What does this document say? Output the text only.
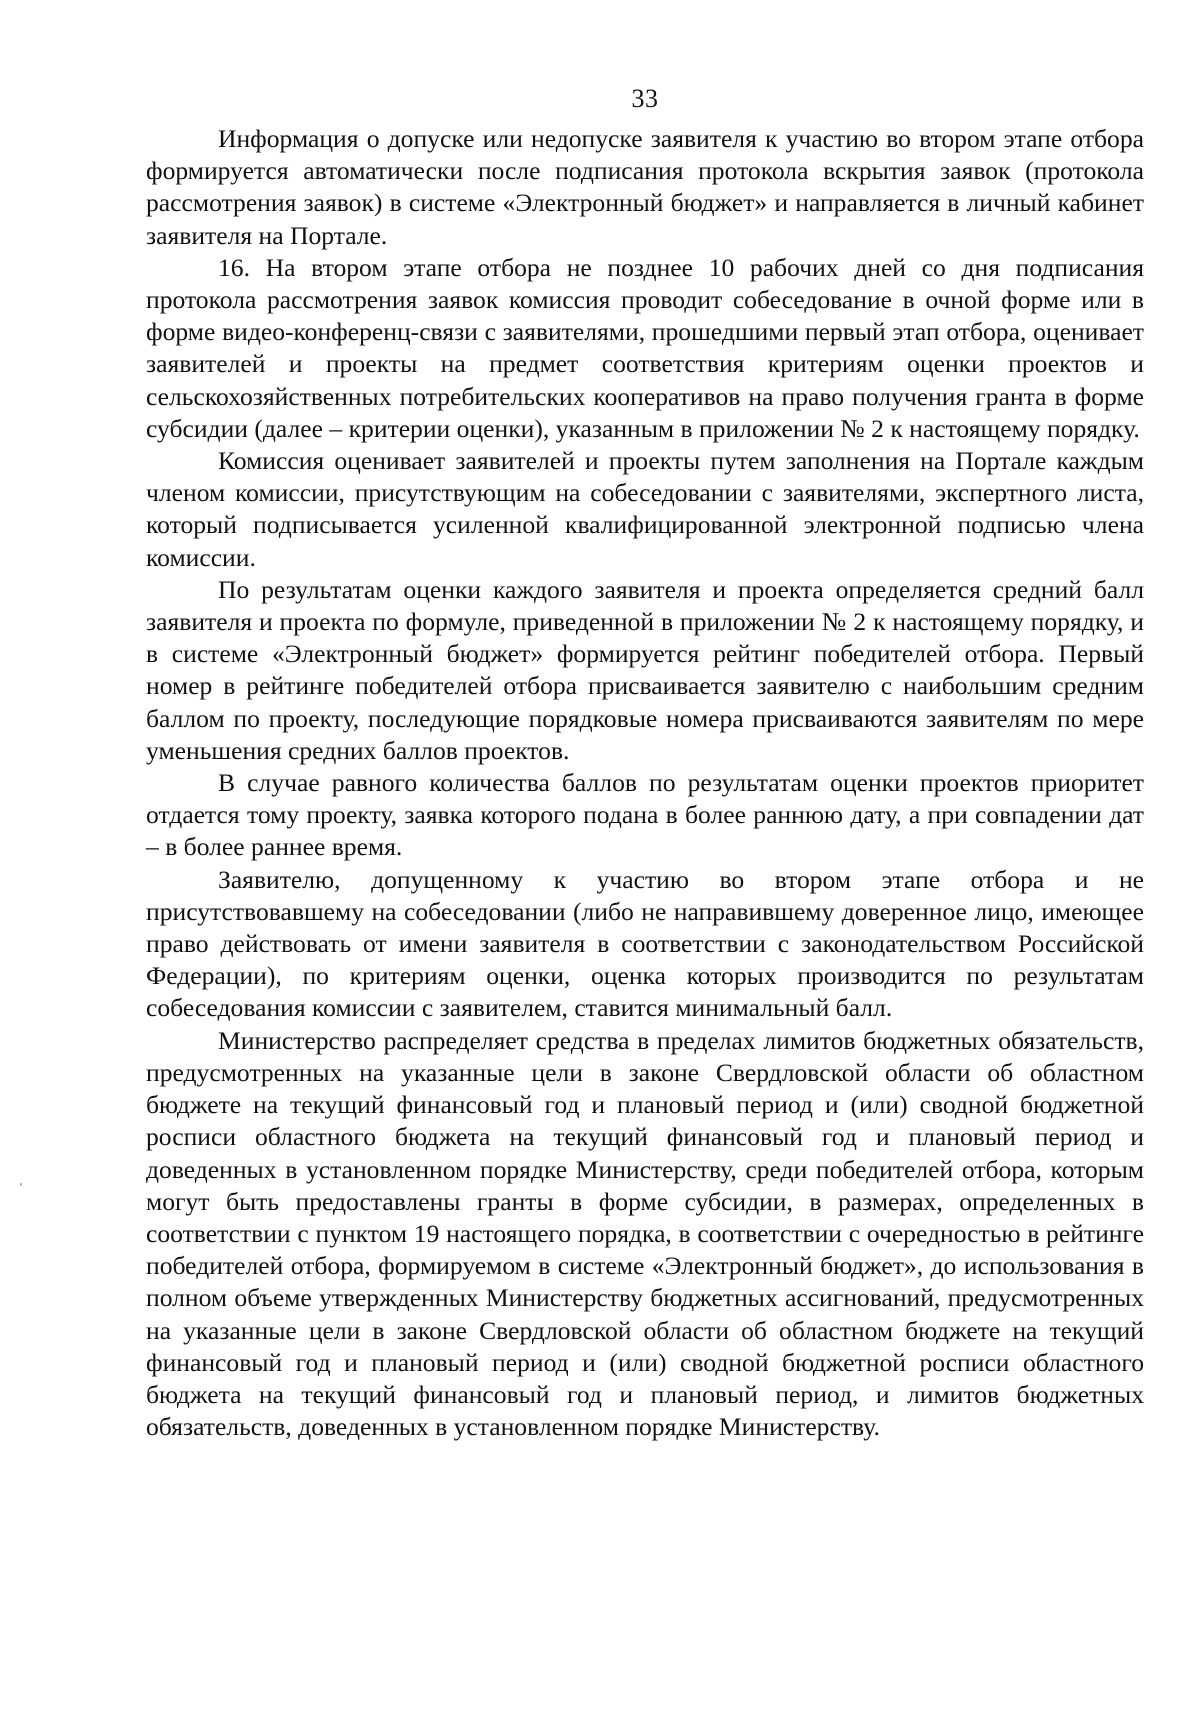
33

Информация о допуске или недопуске заявителя к участию во втором этапе отбора формируется автоматически после подписания протокола вскрытия заявок (протокола рассмотрения заявок) в системе «Электронный бюджет» и направляется в личный кабинет заявителя на Портале.

16. На втором этапе отбора не позднее 10 рабочих дней со дня подписания протокола рассмотрения заявок комиссия проводит собеседование в очной форме или в форме видео-конференц-связи с заявителями, прошедшими первый этап отбора, оценивает заявителей и проекты на предмет соответствия критериям оценки проектов и сельскохозяйственных потребительских кооперативов на право получения гранта в форме субсидии (далее – критерии оценки), указанным в приложении № 2 к настоящему порядку.

Комиссия оценивает заявителей и проекты путем заполнения на Портале каждым членом комиссии, присутствующим на собеседовании с заявителями, экспертного листа, который подписывается усиленной квалифицированной электронной подписью члена комиссии.

По результатам оценки каждого заявителя и проекта определяется средний балл заявителя и проекта по формуле, приведенной в приложении № 2 к настоящему порядку, и в системе «Электронный бюджет» формируется рейтинг победителей отбора. Первый номер в рейтинге победителей отбора присваивается заявителю с наибольшим средним баллом по проекту, последующие порядковые номера присваиваются заявителям по мере уменьшения средних баллов проектов.

В случае равного количества баллов по результатам оценки проектов приоритет отдается тому проекту, заявка которого подана в более раннюю дату, а при совпадении дат – в более раннее время.

Заявителю, допущенному к участию во втором этапе отбора и не присутствовавшему на собеседовании (либо не направившему доверенное лицо, имеющее право действовать от имени заявителя в соответствии с законодательством Российской Федерации), по критериям оценки, оценка которых производится по результатам собеседования комиссии с заявителем, ставится минимальный балл.

Министерство распределяет средства в пределах лимитов бюджетных обязательств, предусмотренных на указанные цели в законе Свердловской области об областном бюджете на текущий финансовый год и плановый период и (или) сводной бюджетной росписи областного бюджета на текущий финансовый год и плановый период и доведенных в установленном порядке Министерству, среди победителей отбора, которым могут быть предоставлены гранты в форме субсидии, в размерах, определенных в соответствии с пунктом 19 настоящего порядка, в соответствии с очередностью в рейтинге победителей отбора, формируемом в системе «Электронный бюджет», до использования в полном объеме утвержденных Министерству бюджетных ассигнований, предусмотренных на указанные цели в законе Свердловской области об областном бюджете на текущий финансовый год и плановый период и (или) сводной бюджетной росписи областного бюджета на текущий финансовый год и плановый период, и лимитов бюджетных обязательств, доведенных в установленном порядке Министерству.
